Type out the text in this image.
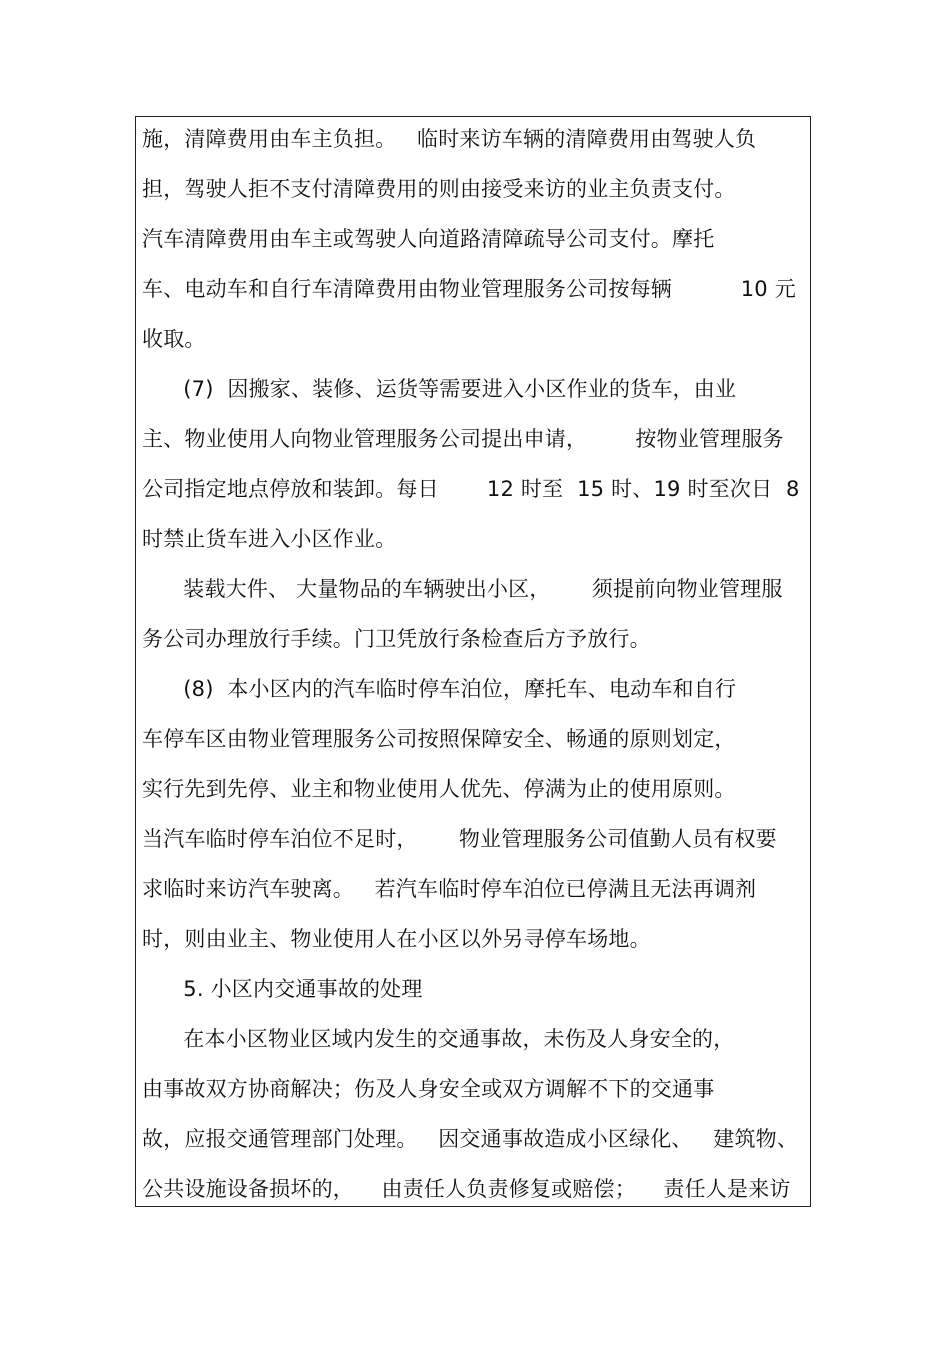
施，清障费用由车主负担。   临时来访车辆的清障费用由驾驶人负
担，驾驶人拒不支付清障费用的则由接受来访的业主负责支付。
汽车清障费用由车主或驾驶人向道路清障疏导公司支付。摩托
车、电动车和自行车清障费用由物业管理服务公司按每辆          10 元
收取。
(7)  因搬家、装修、运货等需要进入小区作业的货车，由业
主、物业使用人向物业管理服务公司提出申请，       按物业管理服务
公司指定地点停放和装卸。每日       12 时至  15 时、19 时至次日  8
时禁止货车进入小区作业。
装载大件、 大量物品的车辆驶出小区，      须提前向物业管理服
务公司办理放行手续。门卫凭放行条检查后方予放行。
(8)  本小区内的汽车临时停车泊位，摩托车、电动车和自行
车停车区由物业管理服务公司按照保障安全、畅通的原则划定，
实行先到先停、业主和物业使用人优先、停满为止的使用原则。
当汽车临时停车泊位不足时，      物业管理服务公司值勤人员有权要
求临时来访汽车驶离。   若汽车临时停车泊位已停满且无法再调剂
时，则由业主、物业使用人在小区以外另寻停车场地。
5. 小区内交通事故的处理
在本小区物业区域内发生的交通事故，未伤及人身安全的，
由事故双方协商解决；伤及人身安全或双方调解不下的交通事
故，应报交通管理部门处理。   因交通事故造成小区绿化、   建筑物、
公共设施设备损坏的，    由责任人负责修复或赔偿；    责任人是来访
